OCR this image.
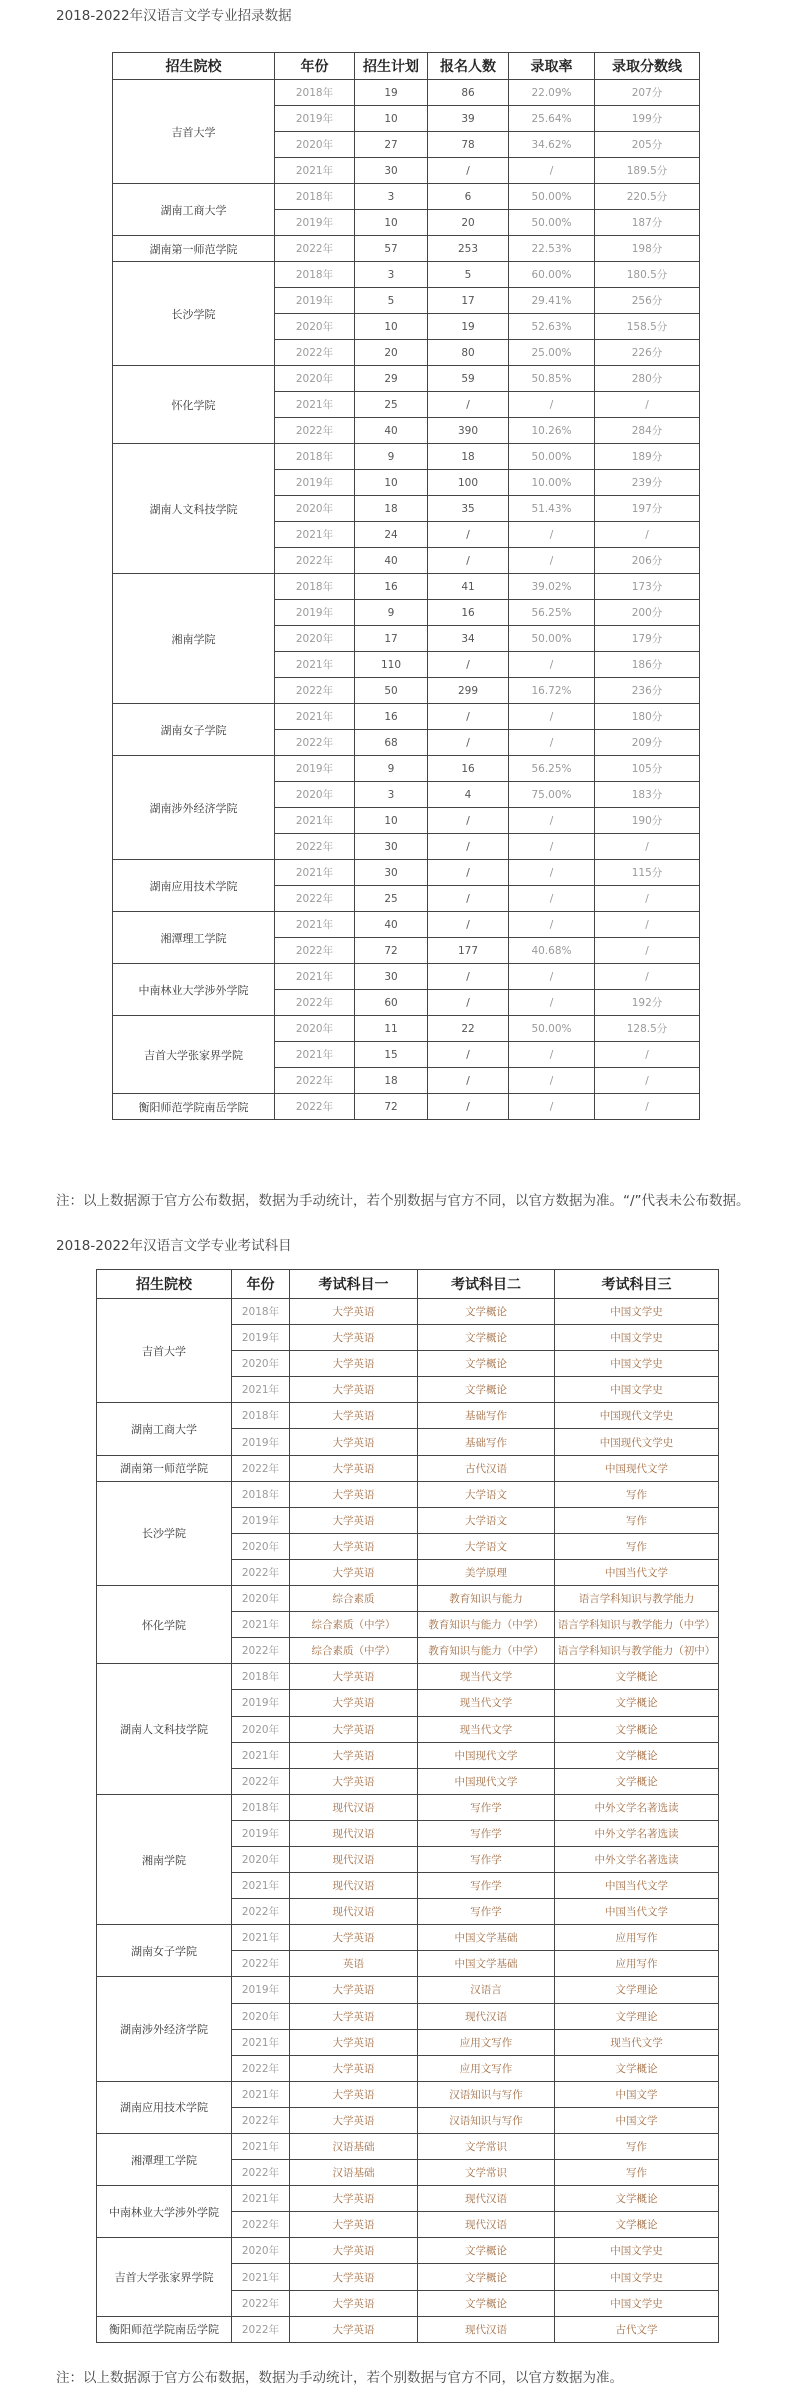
2018-2022年汉语言文学专业招录数据
招生院校	年份	招生计划	报名人数	录取率	录取分数线
吉首大学	2018年	19	86	22.09%	207分
	2019年	10	39	25.64%	199分
	2020年	27	78	34.62%	205分
	2021年	30	/	/	189.5分
湖南工商大学	2018年	3	6	50.00%	220.5分
	2019年	10	20	50.00%	187分
湖南第一师范学院	2022年	57	253	22.53%	198分
长沙学院	2018年	3	5	60.00%	180.5分
	2019年	5	17	29.41%	256分
	2020年	10	19	52.63%	158.5分
	2022年	20	80	25.00%	226分
怀化学院	2020年	29	59	50.85%	280分
	2021年	25	/	/	/
	2022年	40	390	10.26%	284分
湖南人文科技学院	2018年	9	18	50.00%	189分
	2019年	10	100	10.00%	239分
	2020年	18	35	51.43%	197分
	2021年	24	/	/	/
	2022年	40	/	/	206分
湘南学院	2018年	16	41	39.02%	173分
	2019年	9	16	56.25%	200分
	2020年	17	34	50.00%	179分
	2021年	110	/	/	186分
	2022年	50	299	16.72%	236分
湖南女子学院	2021年	16	/	/	180分
	2022年	68	/	/	209分
湖南涉外经济学院	2019年	9	16	56.25%	105分
	2020年	3	4	75.00%	183分
	2021年	10	/	/	190分
	2022年	30	/	/	/
湖南应用技术学院	2021年	30	/	/	115分
	2022年	25	/	/	/
湘潭理工学院	2021年	40	/	/	/
	2022年	72	177	40.68%	/
中南林业大学涉外学院	2021年	30	/	/	/
	2022年	60	/	/	192分
吉首大学张家界学院	2020年	11	22	50.00%	128.5分
	2021年	15	/	/	/
	2022年	18	/	/	/
衡阳师范学院南岳学院	2022年	72	/	/	/
注：以上数据源于官方公布数据，数据为手动统计，若个别数据与官方不同，以官方数据为准。“/”代表未公布数据。
2018-2022年汉语言文学专业考试科目
招生院校	年份	考试科目一	考试科目二	考试科目三
吉首大学	2018年	大学英语	文学概论	中国文学史
	2019年	大学英语	文学概论	中国文学史
	2020年	大学英语	文学概论	中国文学史
	2021年	大学英语	文学概论	中国文学史
湖南工商大学	2018年	大学英语	基础写作	中国现代文学史
	2019年	大学英语	基础写作	中国现代文学史
湖南第一师范学院	2022年	大学英语	古代汉语	中国现代文学
长沙学院	2018年	大学英语	大学语文	写作
	2019年	大学英语	大学语文	写作
	2020年	大学英语	大学语文	写作
	2022年	大学英语	美学原理	中国当代文学
怀化学院	2020年	综合素质	教育知识与能力	语言学科知识与教学能力
	2021年	综合素质（中学）	教育知识与能力（中学）	语言学科知识与教学能力（中学）
	2022年	综合素质（中学）	教育知识与能力（中学）	语言学科知识与教学能力（初中）
湖南人文科技学院	2018年	大学英语	现当代文学	文学概论
	2019年	大学英语	现当代文学	文学概论
	2020年	大学英语	现当代文学	文学概论
	2021年	大学英语	中国现代文学	文学概论
	2022年	大学英语	中国现代文学	文学概论
湘南学院	2018年	现代汉语	写作学	中外文学名著选读
	2019年	现代汉语	写作学	中外文学名著选读
	2020年	现代汉语	写作学	中外文学名著选读
	2021年	现代汉语	写作学	中国当代文学
	2022年	现代汉语	写作学	中国当代文学
湖南女子学院	2021年	大学英语	中国文学基础	应用写作
	2022年	英语	中国文学基础	应用写作
湖南涉外经济学院	2019年	大学英语	汉语言	文学理论
	2020年	大学英语	现代汉语	文学理论
	2021年	大学英语	应用文写作	现当代文学
	2022年	大学英语	应用文写作	文学概论
湖南应用技术学院	2021年	大学英语	汉语知识与写作	中国文学
	2022年	大学英语	汉语知识与写作	中国文学
湘潭理工学院	2021年	汉语基础	文学常识	写作
	2022年	汉语基础	文学常识	写作
中南林业大学涉外学院	2021年	大学英语	现代汉语	文学概论
	2022年	大学英语	现代汉语	文学概论
吉首大学张家界学院	2020年	大学英语	文学概论	中国文学史
	2021年	大学英语	文学概论	中国文学史
	2022年	大学英语	文学概论	中国文学史
衡阳师范学院南岳学院	2022年	大学英语	现代汉语	古代文学
注：以上数据源于官方公布数据，数据为手动统计，若个别数据与官方不同，以官方数据为准。
